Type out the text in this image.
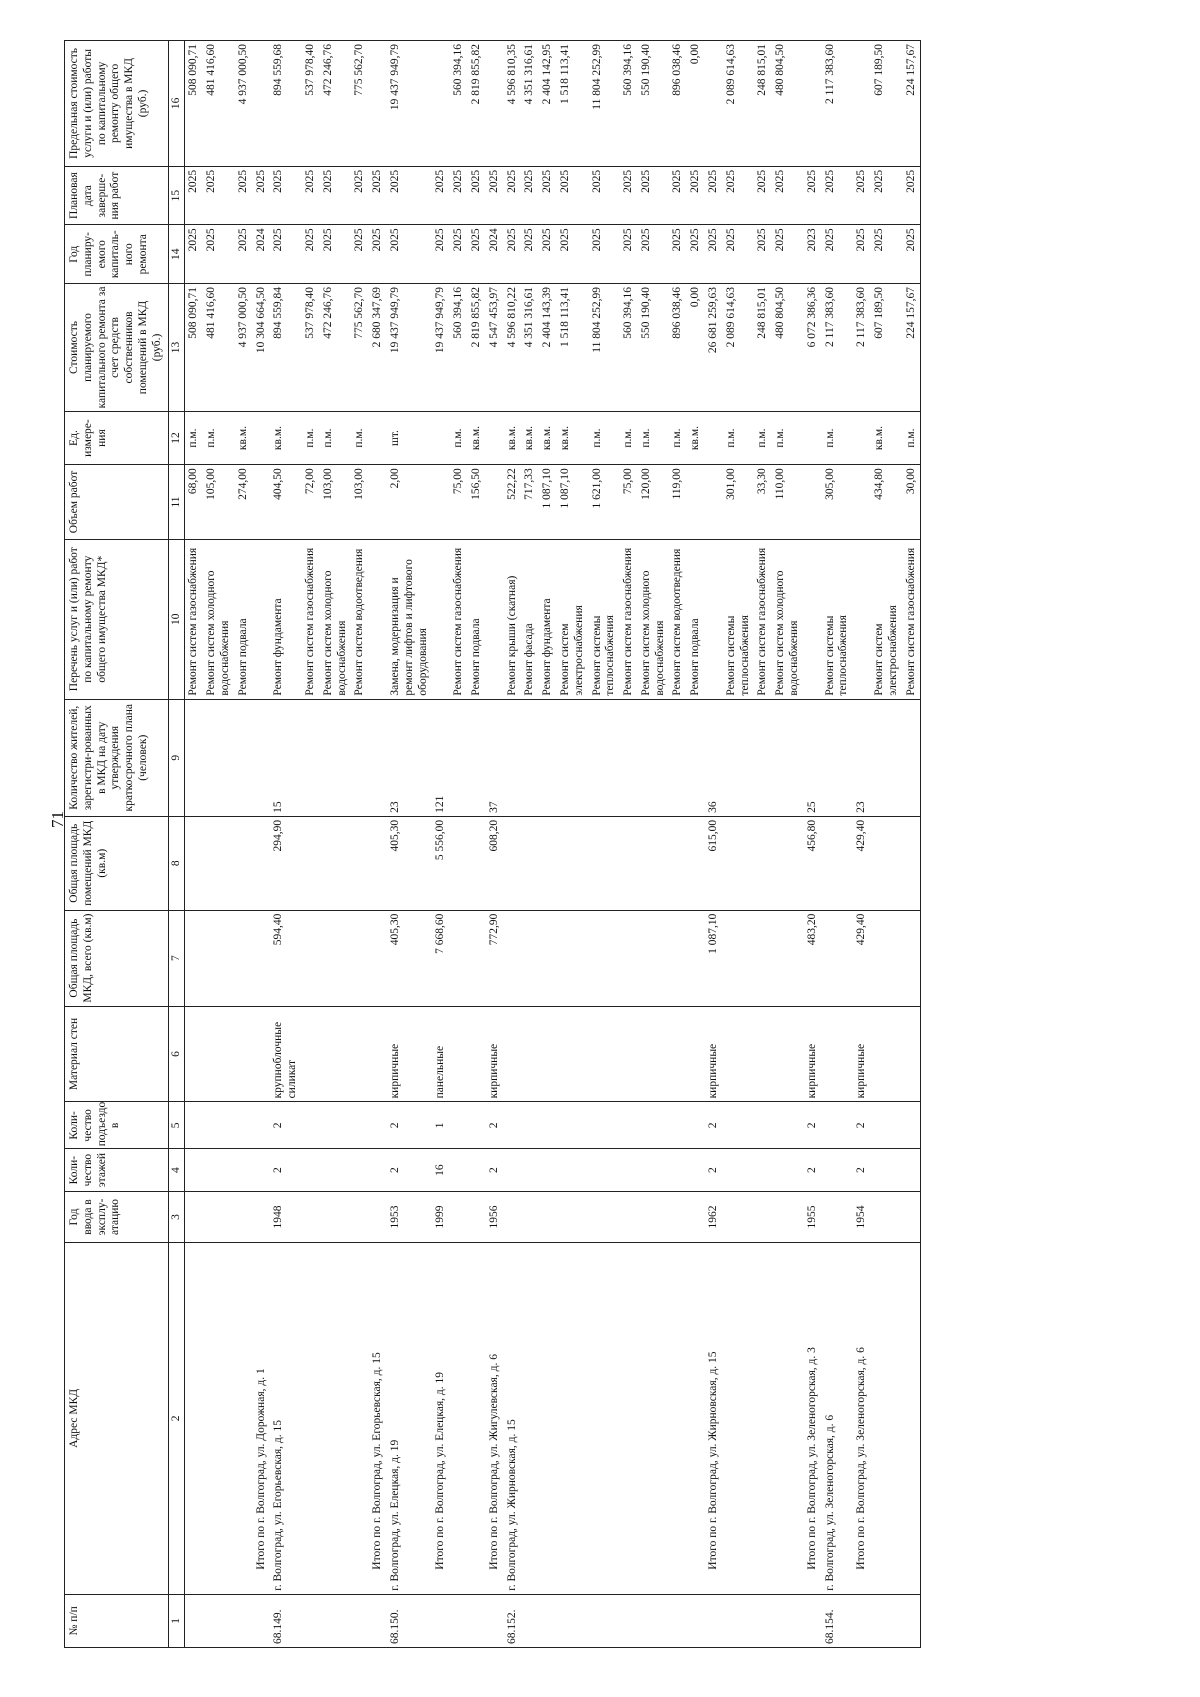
71
№ п/п	Адрес МКД	Год ввода в эксплу-атацию	Коли-чество этажей	Коли-чество подъездо в	Материал стен	Общая площадь МКД, всего (кв.м)	Общая площадь помещений МКД (кв.м)	Количество жителей, зарегистри-рованных в МКД на дату утверждения краткосрочного плана (человек)	Перечень услуг и (или) работ по капитальному ремонту общего имущества МКД*	Объем работ	Ед. измере-ния	Стоимость планируемого капитального ремонта за счет средств собственников помещений в МКД (руб.)	Год планиру-емого капиталь-ного ремонта	Плановая дата заверше-ния работ	Предельная стоимость услуги и (или) работы по капитальному ремонту общего имущества в МКД (руб.)
1	2	3	4	5	6	7	8	9	10	11	12	13	14	15	16
									Ремонт систем газоснабжения	68,00	п.м.	508 090,71	2025	2025	508 090,71
									Ремонт систем холодного водоснабжения	105,00	п.м.	481 416,60	2025	2025	481 416,60
									Ремонт подвала	274,00	кв.м.	4 937 000,50	2025	2025	4 937 000,50
	Итого по г. Волгоград, ул. Дорожная, д. 1											10 304 664,50	2024	2025	
68.149.	г. Волгоград, ул. Егорьевская, д. 15	1948	2	2	крупноблочные силикат	594,40	294,90	15	Ремонт фундамента	404,50	кв.м.	894 559,84	2025	2025	894 559,68
									Ремонт систем газоснабжения	72,00	п.м.	537 978,40	2025	2025	537 978,40
									Ремонт систем холодного водоснабжения	103,00	п.м.	472 246,76	2025	2025	472 246,76
									Ремонт систем водоотведения	103,00	п.м.	775 562,70	2025	2025	775 562,70
	Итого по г. Волгоград, ул. Егорьевская, д. 15											2 680 347,69	2025	2025	
68.150.	г. Волгоград, ул. Елецкая, д. 19	1953	2	2	кирпичные	405,30	405,30	23	Замена, модернизация и ремонт лифтов и лифтового оборудования	2,00	шт.	19 437 949,79	2025	2025	19 437 949,79
	Итого по г. Волгоград, ул. Елецкая, д. 19	1999	16	1	панельные	7 668,60	5 556,00	121				19 437 949,79	2025	2025	
									Ремонт систем газоснабжения	75,00	п.м.	560 394,16	2025	2025	560 394,16
									Ремонт подвала	156,50	кв.м.	2 819 855,82	2025	2025	2 819 855,82
	Итого по г. Волгоград, ул. Жигулевская, д. 6	1956	2	2	кирпичные	772,90	608,20	37				4 547 453,97	2024	2025	
68.152.	г. Волгоград, ул. Жирновская, д. 15								Ремонт крыши (скатная)	522,22	кв.м.	4 596 810,22	2025	2025	4 596 810,35
									Ремонт фасада	717,33	кв.м.	4 351 316,61	2025	2025	4 351 316,61
									Ремонт фундамента	1 087,10	кв.м.	2 404 143,39	2025	2025	2 404 142,95
									Ремонт систем электроснабжения	1 087,10	кв.м.	1 518 113,41	2025	2025	1 518 113,41
									Ремонт системы теплоснабжения	1 621,00	п.м.	11 804 252,99	2025	2025	11 804 252,99
									Ремонт систем газоснабжения	75,00	п.м.	560 394,16	2025	2025	560 394,16
									Ремонт систем холодного водоснабжения	120,00	п.м.	550 190,40	2025	2025	550 190,40
									Ремонт систем водоотведения	119,00	п.м.	896 038,46	2025	2025	896 038,46
									Ремонт подвала		кв.м.	0,00	2025	2025	0,00
	Итого по г. Волгоград, ул. Жирновская, д. 15	1962	2	2	кирпичные	1 087,10	615,00	36				26 681 259,63	2025	2025	
									Ремонт системы теплоснабжения	301,00	п.м.	2 089 614,63	2025	2025	2 089 614,63
									Ремонт систем газоснабжения	33,30	п.м.	248 815,01	2025	2025	248 815,01
									Ремонт систем холодного водоснабжения	110,00	п.м.	480 804,50	2025	2025	480 804,50
	Итого по г. Волгоград, ул. Зеленогорская, д. 3	1955	2	2	кирпичные	483,20	456,80	25				6 072 386,36	2023	2025	
68.154.	г. Волгоград, ул. Зеленогорская, д. 6								Ремонт системы теплоснабжения	305,00	п.м.	2 117 383,60	2025	2025	2 117 383,60
	Итого по г. Волгоград, ул. Зеленогорская, д. 6	1954	2	2	кирпичные	429,40	429,40	23				2 117 383,60	2025	2025	
									Ремонт систем электроснабжения	434,80	кв.м.	607 189,50	2025	2025	607 189,50
									Ремонт систем газоснабжения	30,00	п.м.	224 157,67	2025	2025	224 157,67
